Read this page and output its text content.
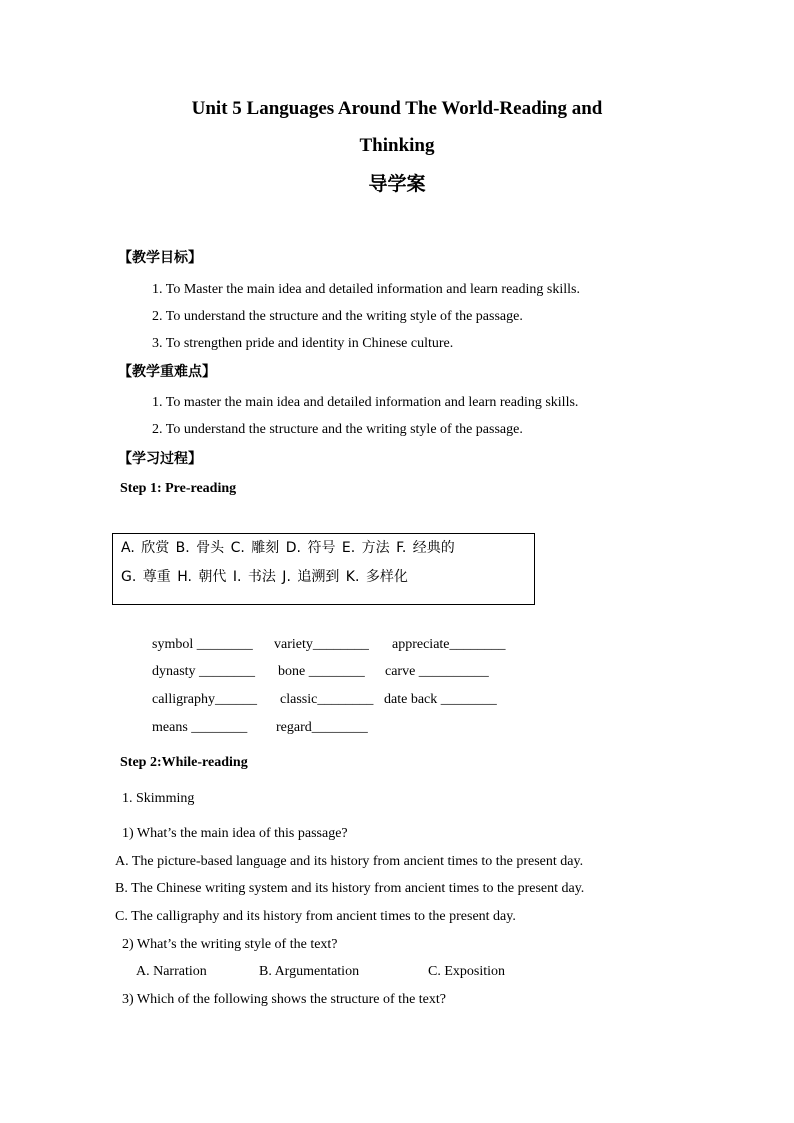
Unit 5 Languages Around The World-Reading and
Thinking
导学案
【教学目标】
1. To Master the main idea and detailed information and learn reading skills.
2. To understand the structure and the writing style of the passage.
3. To strengthen pride and identity in Chinese culture.
【教学重难点】
1. To master the main idea and detailed information and learn reading skills.
2. To understand the structure and the writing style of the passage.
【学习过程】
Step 1: Pre-reading
A. 欣赏 B. 骨头 C. 雕刻 D. 符号 E. 方法 F. 经典的
G. 尊重 H. 朝代 I. 书法 J. 追溯到 K. 多样化
symbol ________ variety________ appreciate________
dynasty ________ bone ________ carve __________
calligraphy______ classic________ date back ________
means ________ regard________
Step 2:While-reading
1. Skimming
1) What’s the main idea of this passage?
A. The picture-based language and its history from ancient times to the present day.
B. The Chinese writing system and its history from ancient times to the present day.
C. The calligraphy and its history from ancient times to the present day.
2) What’s the writing style of the text?
A. Narration	B. Argumentation	C. Exposition
3) Which of the following shows the structure of the text?
